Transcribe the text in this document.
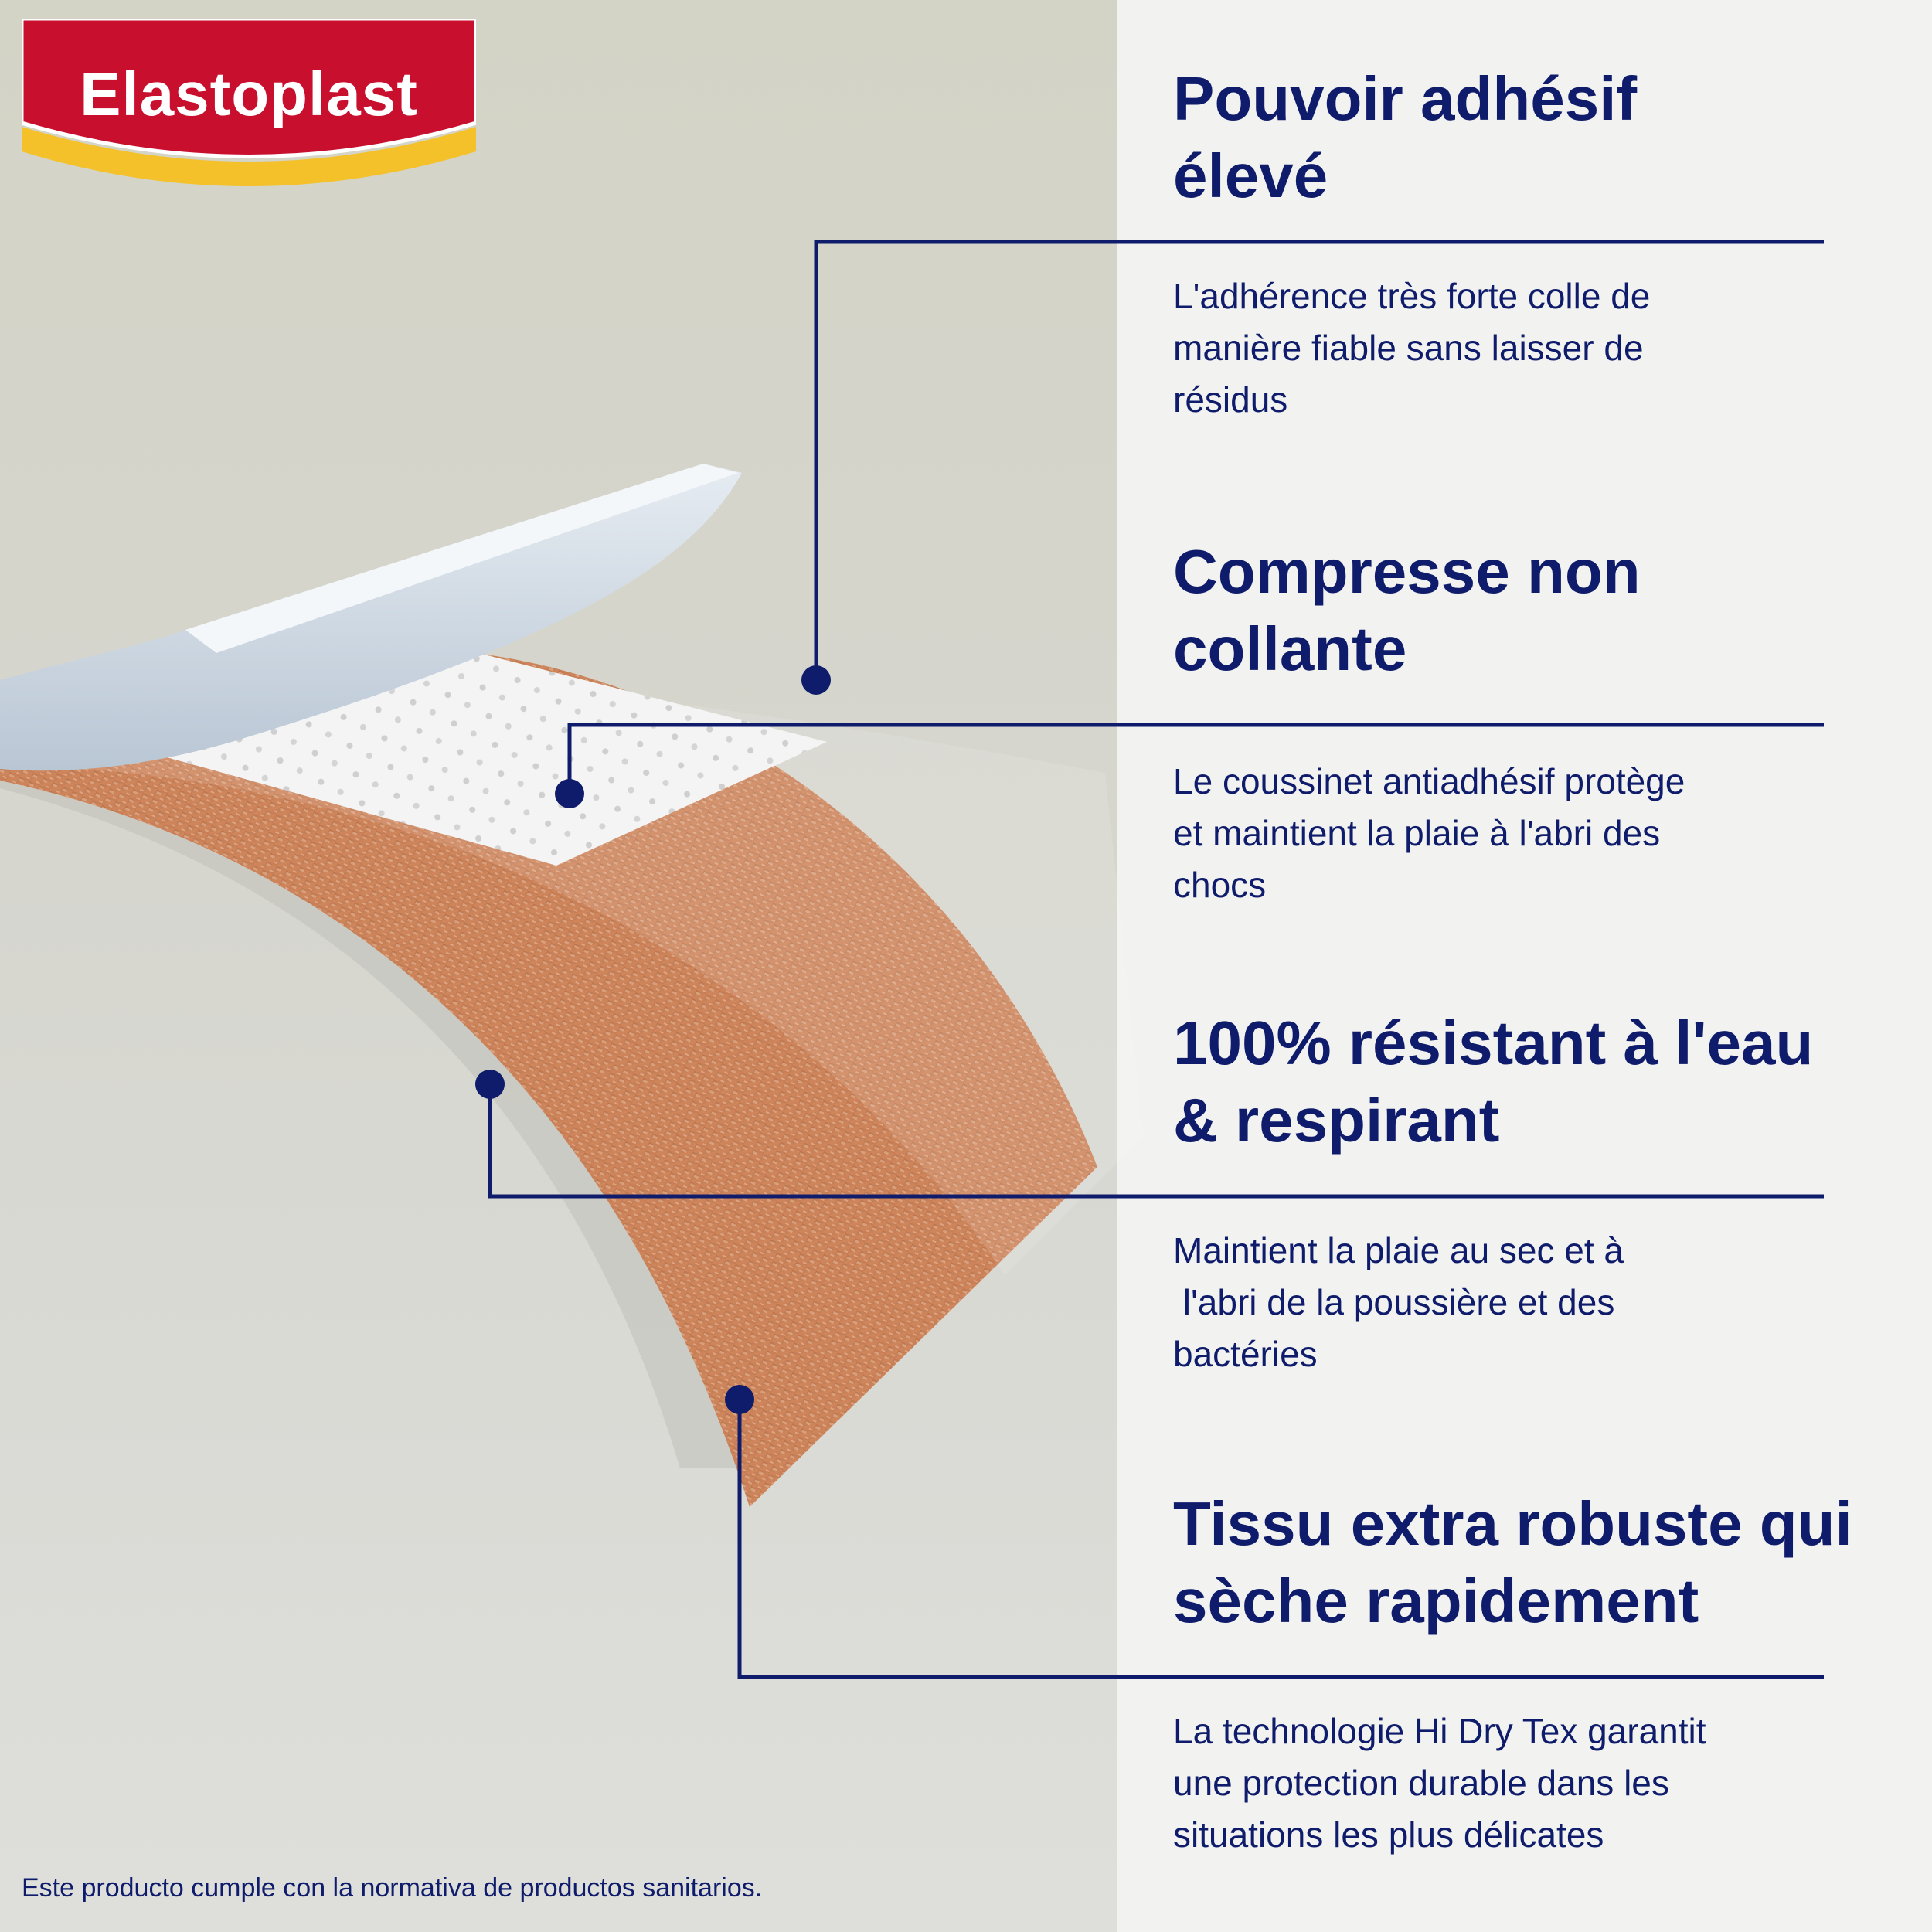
Elastoplast	Pouvoir adhésif
élevé
L'adhérence très forte colle de
manière fiable sans laisser de
résidus
Compresse non
collante
Le coussinet antiadhésif protège
et maintient la plaie à l'abri des
chocs
100% résistant à l'eau
& respirant
Maintient la plaie au sec et à
l'abri de la poussière et des
bactéries
Tissu extra robuste qui
sèche rapidement
La technologie Hi Dry Tex garantit
une protection durable dans les
situations les plus délicates
Este producto cumple con la normativa de productos sanitarios.
